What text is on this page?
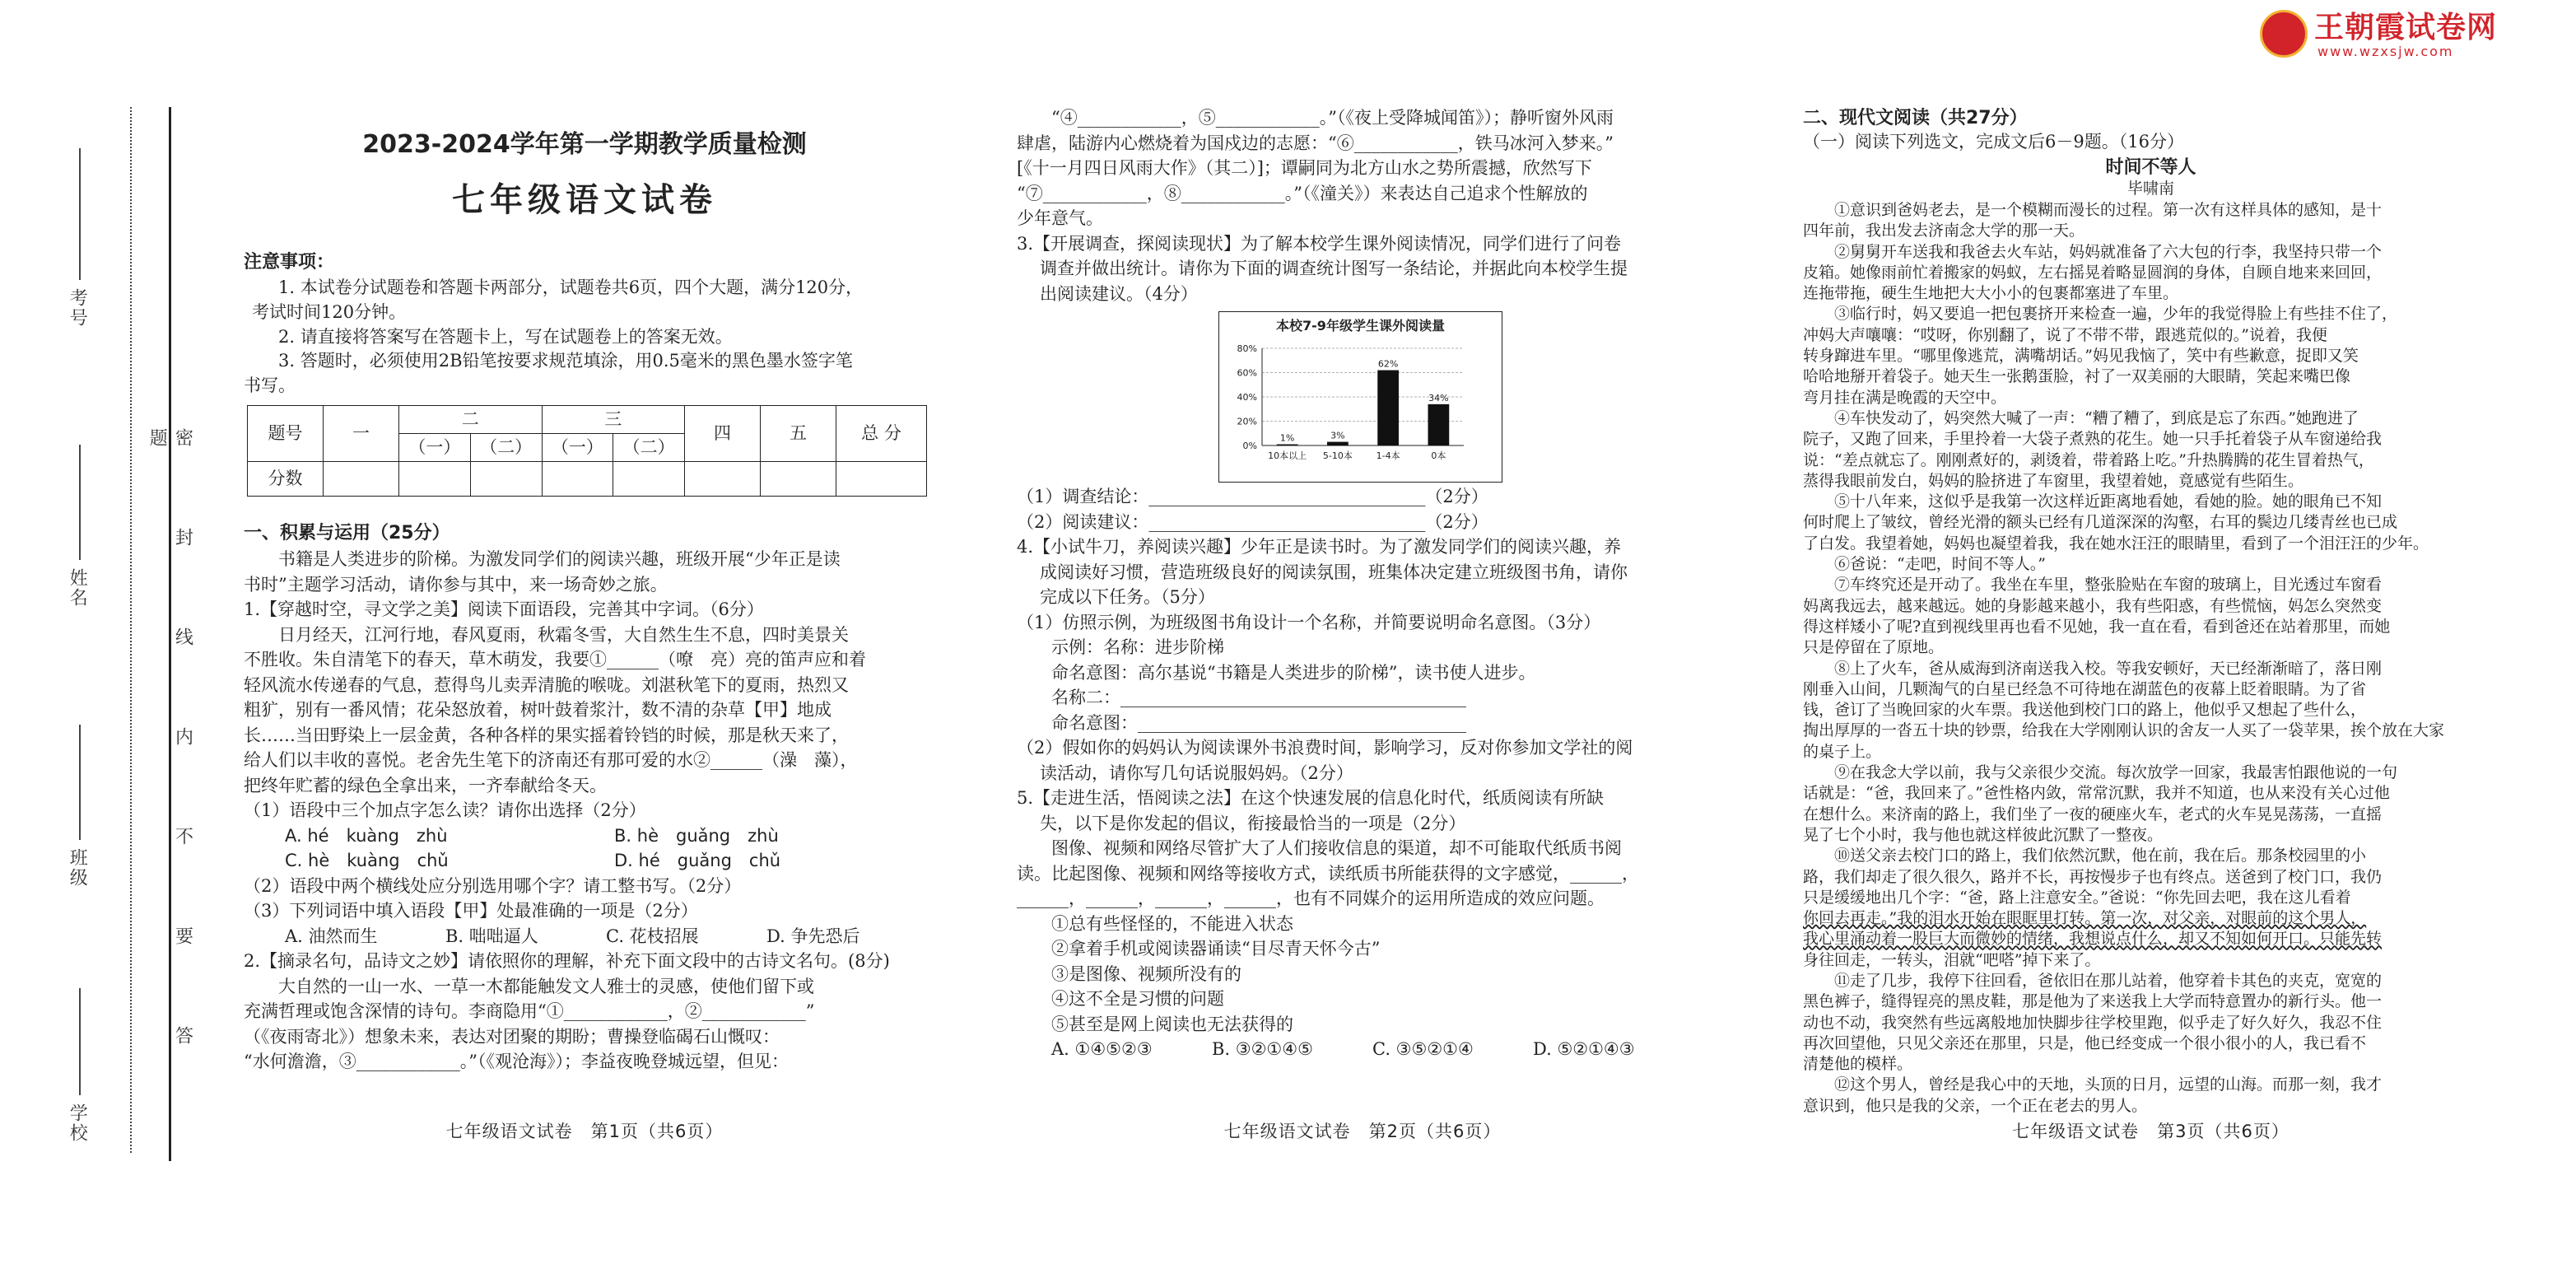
王朝霞试卷网
www.wzxsjw.com
考号
姓名
班级
学校
密 封 线 内 不 要 答 题
2023-2024学年第一学期教学质量检测
七年级语文试卷
注意事项：
1. 本试卷分试题卷和答题卡两部分，试题卷共6页，四个大题，满分120分，
考试时间120分钟。
2. 请直接将答案写在答题卡上，写在试题卷上的答案无效。
3. 答题时，必须使用2B铅笔按要求规范填涂，用0.5毫米的黑色墨水签字笔
书写。
题号	一	二		三		四	五	总 分
		（一）	（二）	（一）	（二）			
分数								
一、积累与运用（25分）
书籍是人类进步的阶梯。为激发同学们的阅读兴趣，班级开展“少年正是读
书时”主题学习活动，请你参与其中，来一场奇妙之旅。
1.【穿越时空，寻文学之美】阅读下面语段，完善其中字词。（6分）
日月经天，江河行地，春风夏雨，秋霜冬雪，大自然生生不息，四时美景关
不胜收。朱自清笔下的春天，草木萌发，我要①______（嘹　亮）亮的笛声应和着
轻风流水传递春的气息，惹得鸟儿卖弄清脆的喉咙。刘湛秋笔下的夏雨，热烈又
粗犷，别有一番风情；花朵怒放着，树叶鼓着浆汁，数不清的杂草【甲】地成
长……当田野染上一层金黄，各种各样的果实摇着铃铛的时候，那是秋天来了，
给人们以丰收的喜悦。老舍先生笔下的济南还有那可爱的水②______（澡　藻），
把终年贮蓄的绿色全拿出来，一齐奉献给冬天。
（1）语段中三个加点字怎么读？请你出选择（2分）
A. hé　kuàng　zhù	B. hè　guǎng　zhù
C. hè　kuàng　chǔ	D. hé　guǎng　chǔ
（2）语段中两个横线处应分别选用哪个字？请工整书写。（2分）
（3）下列词语中填入语段【甲】处最准确的一项是（2分）
A. 油然而生	B. 咄咄逼人	C. 花枝招展	D. 争先恐后
2.【摘录名句，品诗文之妙】请依照你的理解，补充下面文段中的古诗文名句。(8分)
大自然的一山一水、一草一木都能触发文人雅士的灵感，使他们留下或
充满哲理或饱含深情的诗句。李商隐用“①____________，②____________”
（《夜雨寄北》）想象未来，表达对团聚的期盼；曹操登临碣石山慨叹：
“水何澹澹，③____________。”（《观沧海》）；李益夜晚登城远望，但见：
七年级语文试卷　第1页（共6页）
“④____________，⑤____________。”（《夜上受降城闻笛》）；静听窗外风雨
肆虐，陆游内心燃烧着为国戍边的志愿：“⑥____________，铁马冰河入梦来。”
[《十一月四日风雨大作》（其二）]；谭嗣同为北方山水之势所震撼，欣然写下
“⑦____________，⑧____________。”（《潼关》）来表达自己追求个性解放的
少年意气。
3.【开展调查，探阅读现状】为了解本校学生课外阅读情况，同学们进行了问卷
调查并做出统计。请你为下面的调查统计图写一条结论，并据此向本校学生提
出阅读建议。（4分）
本校7-9年级学生课外阅读量
0%
20%
40%
60%
80%
1%
10本以上
3%
5-10本
62%
1-4本
34%
0本
（1）调查结论：________________________________（2分）
（2）阅读建议：________________________________（2分）
4.【小试牛刀，养阅读兴趣】少年正是读书时。为了激发同学们的阅读兴趣，养
成阅读好习惯，营造班级良好的阅读氛围，班集体决定建立班级图书角，请你
完成以下任务。（5分）
（1）仿照示例，为班级图书角设计一个名称，并简要说明命名意图。（3分）
示例：名称：进步阶梯
命名意图：高尔基说“书籍是人类进步的阶梯”，读书使人进步。
名称二：________________________________________
命名意图：______________________________________
（2）假如你的妈妈认为阅读课外书浪费时间，影响学习，反对你参加文学社的阅
读活动，请你写几句话说服妈妈。（2分）
5.【走进生活，悟阅读之法】在这个快速发展的信息化时代，纸质阅读有所缺
失，以下是你发起的倡议，衔接最恰当的一项是（2分）
图像、视频和网络尽管扩大了人们接收信息的渠道，却不可能取代纸质书阅
读。比起图像、视频和网络等接收方式，读纸质书所能获得的文字感觉，______，
______，______，______，______，也有不同媒介的运用所造成的效应问题。
①总有些怪怪的，不能进入状态
②拿着手机或阅读器诵读“目尽青天怀今古”
③是图像、视频所没有的
④这不全是习惯的问题
⑤甚至是网上阅读也无法获得的
A. ①④⑤②③	B. ③②①④⑤	C. ③⑤②①④	D. ⑤②①④③
七年级语文试卷　第2页（共6页）
二、现代文阅读（共27分）
（一）阅读下列选文，完成文后6－9题。（16分）
时间不等人
毕啸南
①意识到爸妈老去，是一个模糊而漫长的过程。第一次有这样具体的感知，是十
四年前，我出发去济南念大学的那一天。
②舅舅开车送我和我爸去火车站，妈妈就准备了六大包的行李，我坚持只带一个
皮箱。她像雨前忙着搬家的妈蚁，左右摇晃着略显圆润的身体，自顾自地来来回回，
连拖带拖，硬生生地把大大小小的包裹都塞进了车里。
③临行时，妈又要追一把包裹挤开来检查一遍，少年的我觉得脸上有些挂不住了，
冲妈大声嚷嚷：“哎呀，你别翻了，说了不带不带，跟逃荒似的。”说着，我便
转身蹿进车里。“哪里像逃荒，满嘴胡话。”妈见我恼了，笑中有些歉意，捉即又笑
哈哈地掰开着袋子。她天生一张鹅蛋脸，衬了一双美丽的大眼睛，笑起来嘴巴像
弯月挂在满是晚霞的天空中。
④车快发动了，妈突然大喊了一声：“糟了糟了，到底是忘了东西。”她跑进了
院子，又跑了回来，手里拎着一大袋子煮熟的花生。她一只手托着袋子从车窗递给我
说：“差点就忘了。刚刚煮好的，剥烫着，带着路上吃。”升热腾腾的花生冒着热气，
蒸得我眼前发白，妈妈的脸挤进了车窗里，我望着她，竟感觉有些陌生。
⑤十八年来，这似乎是我第一次这样近距离地看她，看她的脸。她的眼角已不知
何时爬上了皱纹，曾经光滑的额头已经有几道深深的沟壑，右耳的鬓边几缕青丝也已成
了白发。我望着她，妈妈也凝望着我，我在她水汪汪的眼睛里，看到了一个泪汪汪的少年。
⑥爸说：“走吧，时间不等人。”
⑦车终究还是开动了。我坐在车里，整张脸贴在车窗的玻璃上，目光透过车窗看
妈离我远去，越来越远。她的身影越来越小，我有些阳惑，有些慌恼，妈怎么突然变
得这样矮小了呢?直到视线里再也看不见她，我一直在看，看到爸还在站着那里，而她
只是停留在了原地。
⑧上了火车，爸从威海到济南送我入校。等我安顿好，天已经渐渐暗了，落日刚
刚垂入山间，几颗淘气的白星已经急不可待地在湖蓝色的夜幕上眨着眼睛。为了省
钱，爸订了当晚回家的火车票。我送他到校门口的路上，他似乎又想起了些什么，
掏出厚厚的一沓五十块的钞票，给我在大学刚刚认识的舍友一人买了一袋苹果，挨个放在大家
的桌子上。
⑨在我念大学以前，我与父亲很少交流。每次放学一回家，我最害怕跟他说的一句
话就是：“爸，我回来了。”爸性格内敛，常常沉默，我并不知道，也从来没有关心过他
在想什么。来济南的路上，我们坐了一夜的硬座火车，老式的火车晃晃荡荡，一直摇
晃了七个小时，我与他也就这样彼此沉默了一整夜。
⑩送父亲去校门口的路上，我们依然沉默，他在前，我在后。那条校园里的小
路，我们却走了很久很久，路并不长，再按慢步子也有终点。送爸到了校门口，我仍
只是缓缓地出几个字：“爸，路上注意安全。”爸说：“你先回去吧，我在这儿看着
你回去再走。”我的泪水开始在眼眶里打转。第一次，对父亲，对眼前的这个男人，
我心里涌动着一股巨大而微妙的情绪，我想说点什么，却又不知如何开口。只能先转
身往回走，一转头，泪就“吧嗒”掉下来了。
⑪走了几步，我停下往回看，爸依旧在那儿站着，他穿着卡其色的夹克，宽宽的
黑色裤子，缝得锃亮的黑皮鞋，那是他为了来送我上大学而特意置办的新行头。他一
动也不动，我突然有些远离般地加快脚步往学校里跑，似乎走了好久好久，我忍不住
再次回望他，只见父亲还在那里，只是，他已经变成一个很小很小的人，我已看不
清楚他的模样。
⑫这个男人，曾经是我心中的天地，头顶的日月，远望的山海。而那一刻，我才
意识到，他只是我的父亲，一个正在老去的男人。
七年级语文试卷　第3页（共6页）
